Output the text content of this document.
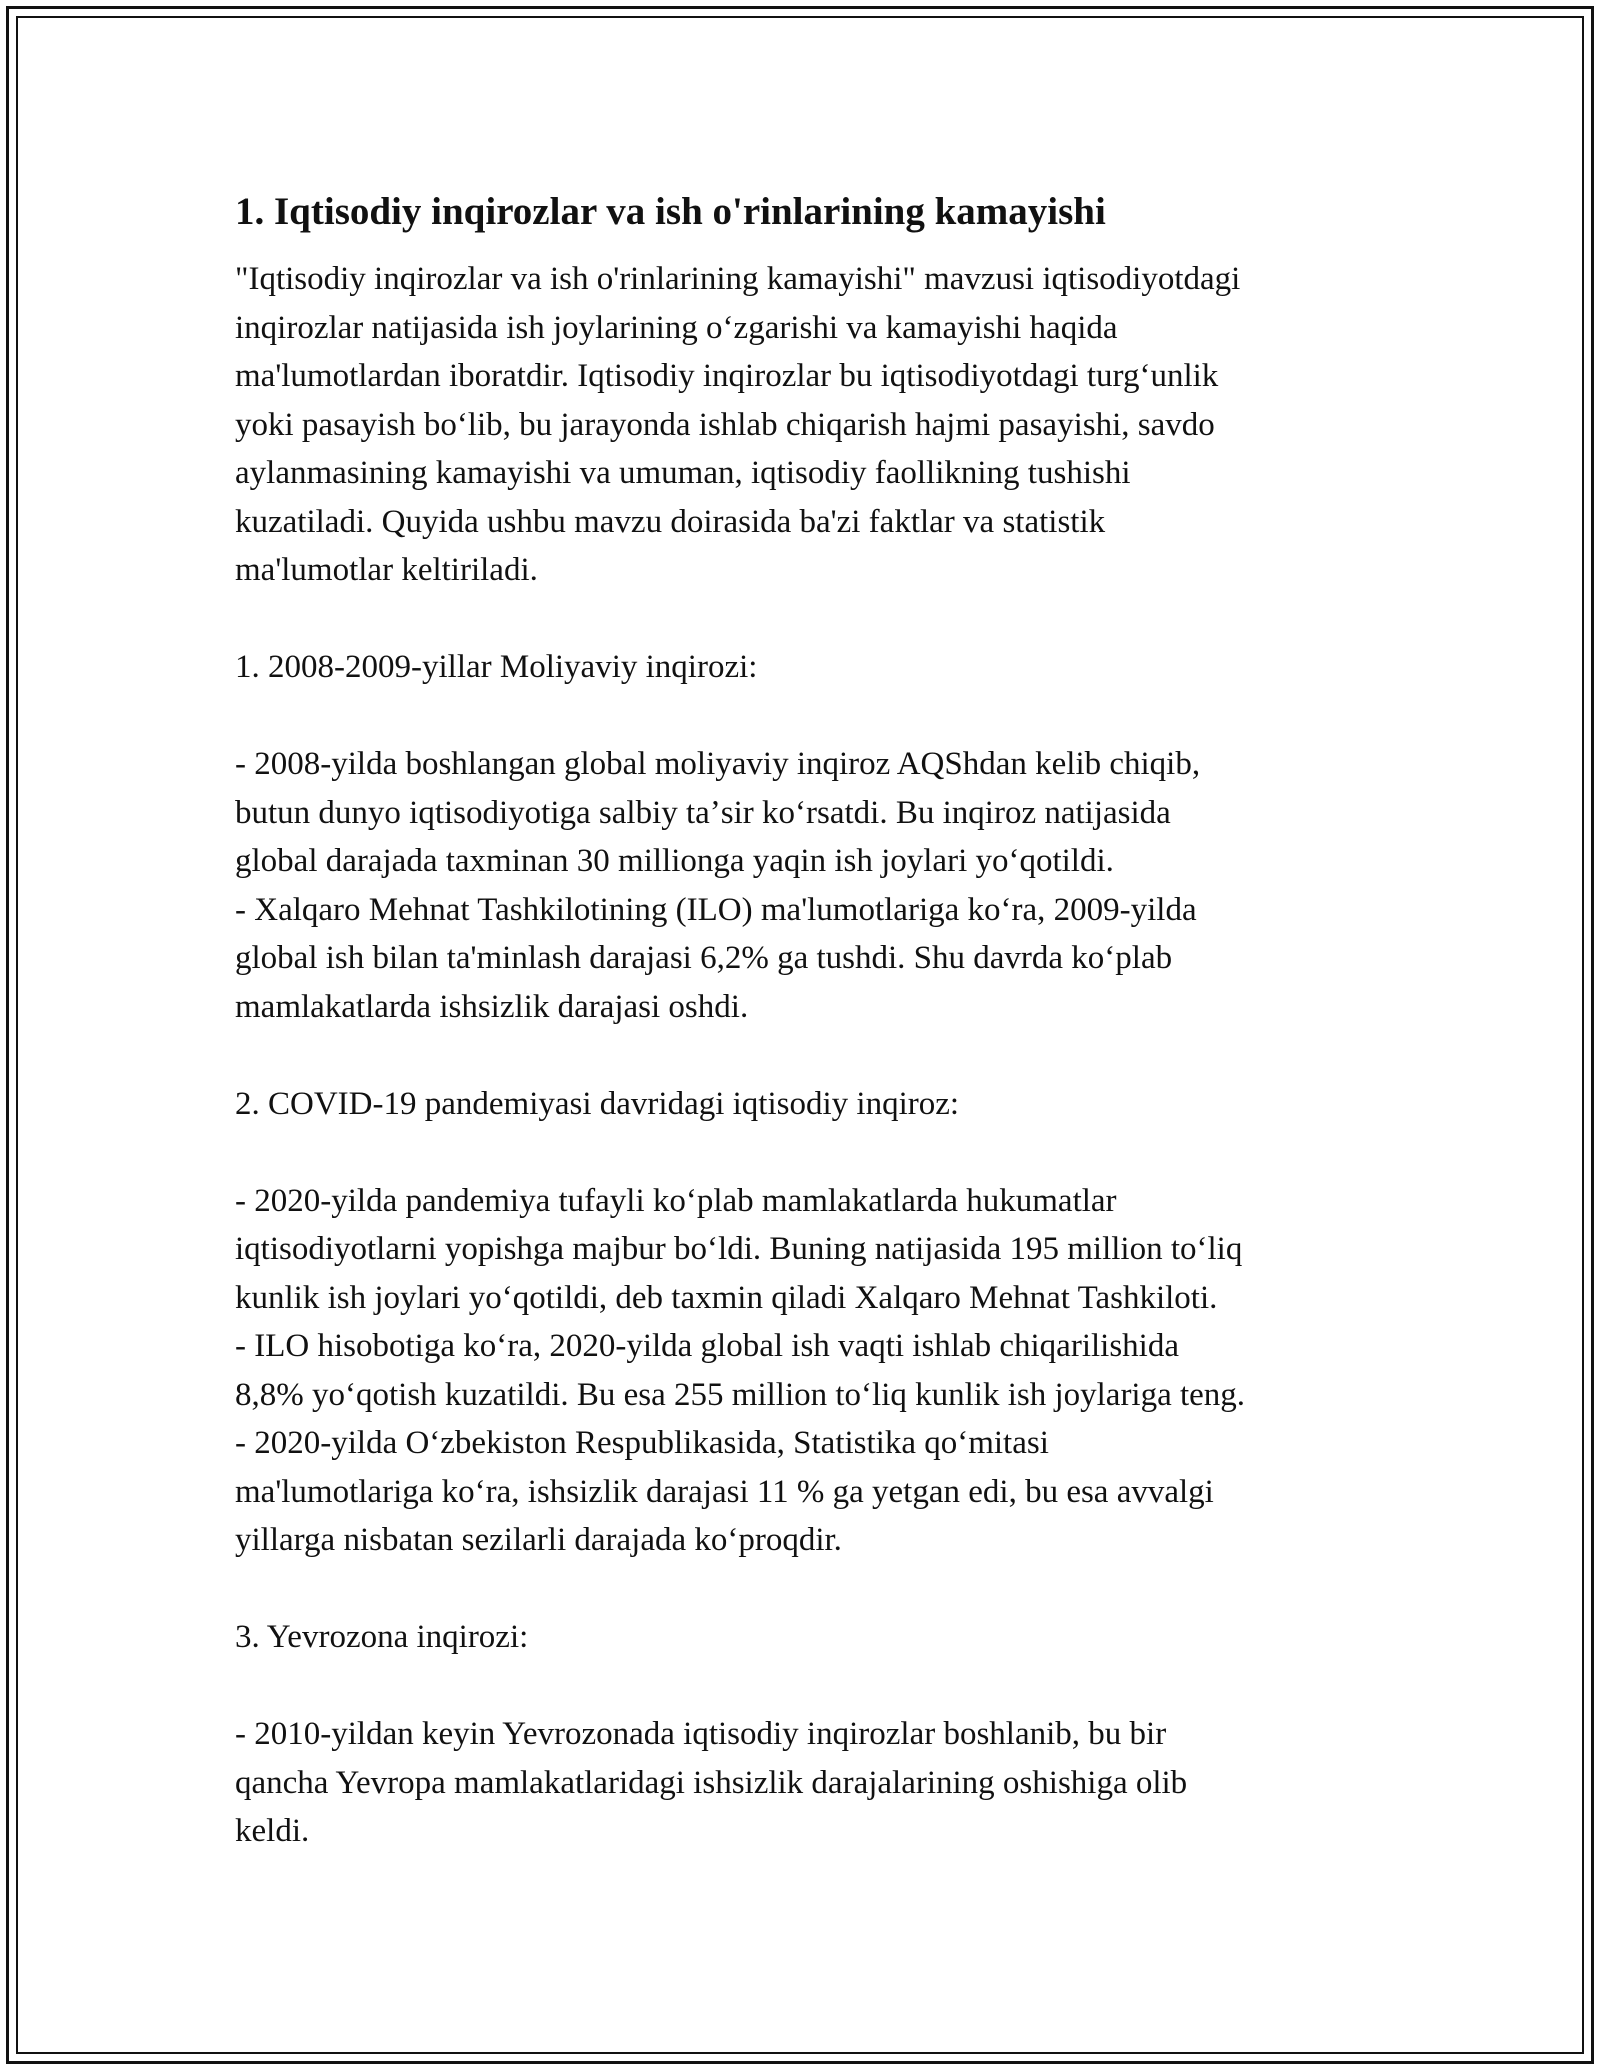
1. Iqtisodiy inqirozlar va ish o'rinlarining kamayishi
"Iqtisodiy inqirozlar va ish o'rinlarining kamayishi" mavzusi iqtisodiyotdagi
inqirozlar natijasida ish joylarining oʻzgarishi va kamayishi haqida
ma'lumotlardan iboratdir. Iqtisodiy inqirozlar bu iqtisodiyotdagi turgʻunlik
yoki pasayish boʻlib, bu jarayonda ishlab chiqarish hajmi pasayishi, savdo
aylanmasining kamayishi va umuman, iqtisodiy faollikning tushishi
kuzatiladi. Quyida ushbu mavzu doirasida ba'zi faktlar va statistik
ma'lumotlar keltiriladi.
1. 2008-2009-yillar Moliyaviy inqirozi:
- 2008-yilda boshlangan global moliyaviy inqiroz AQShdan kelib chiqib,
butun dunyo iqtisodiyotiga salbiy taʼsir koʻrsatdi. Bu inqiroz natijasida
global darajada taxminan 30 millionga yaqin ish joylari yoʻqotildi.
- Xalqaro Mehnat Tashkilotining (ILO) ma'lumotlariga koʻra, 2009-yilda
global ish bilan ta'minlash darajasi 6,2% ga tushdi. Shu davrda koʻplab
mamlakatlarda ishsizlik darajasi oshdi.
2. COVID-19 pandemiyasi davridagi iqtisodiy inqiroz:
- 2020-yilda pandemiya tufayli koʻplab mamlakatlarda hukumatlar
iqtisodiyotlarni yopishga majbur boʻldi. Buning natijasida 195 million toʻliq
kunlik ish joylari yoʻqotildi, deb taxmin qiladi Xalqaro Mehnat Tashkiloti.
- ILO hisobotiga koʻra, 2020-yilda global ish vaqti ishlab chiqarilishida
8,8% yoʻqotish kuzatildi. Bu esa 255 million toʻliq kunlik ish joylariga teng.
- 2020-yilda Oʻzbekiston Respublikasida, Statistika qoʻmitasi
ma'lumotlariga koʻra, ishsizlik darajasi 11 % ga yetgan edi, bu esa avvalgi
yillarga nisbatan sezilarli darajada koʻproqdir.
3. Yevrozona inqirozi:
- 2010-yildan keyin Yevrozonada iqtisodiy inqirozlar boshlanib, bu bir
qancha Yevropa mamlakatlaridagi ishsizlik darajalarining oshishiga olib
keldi.
